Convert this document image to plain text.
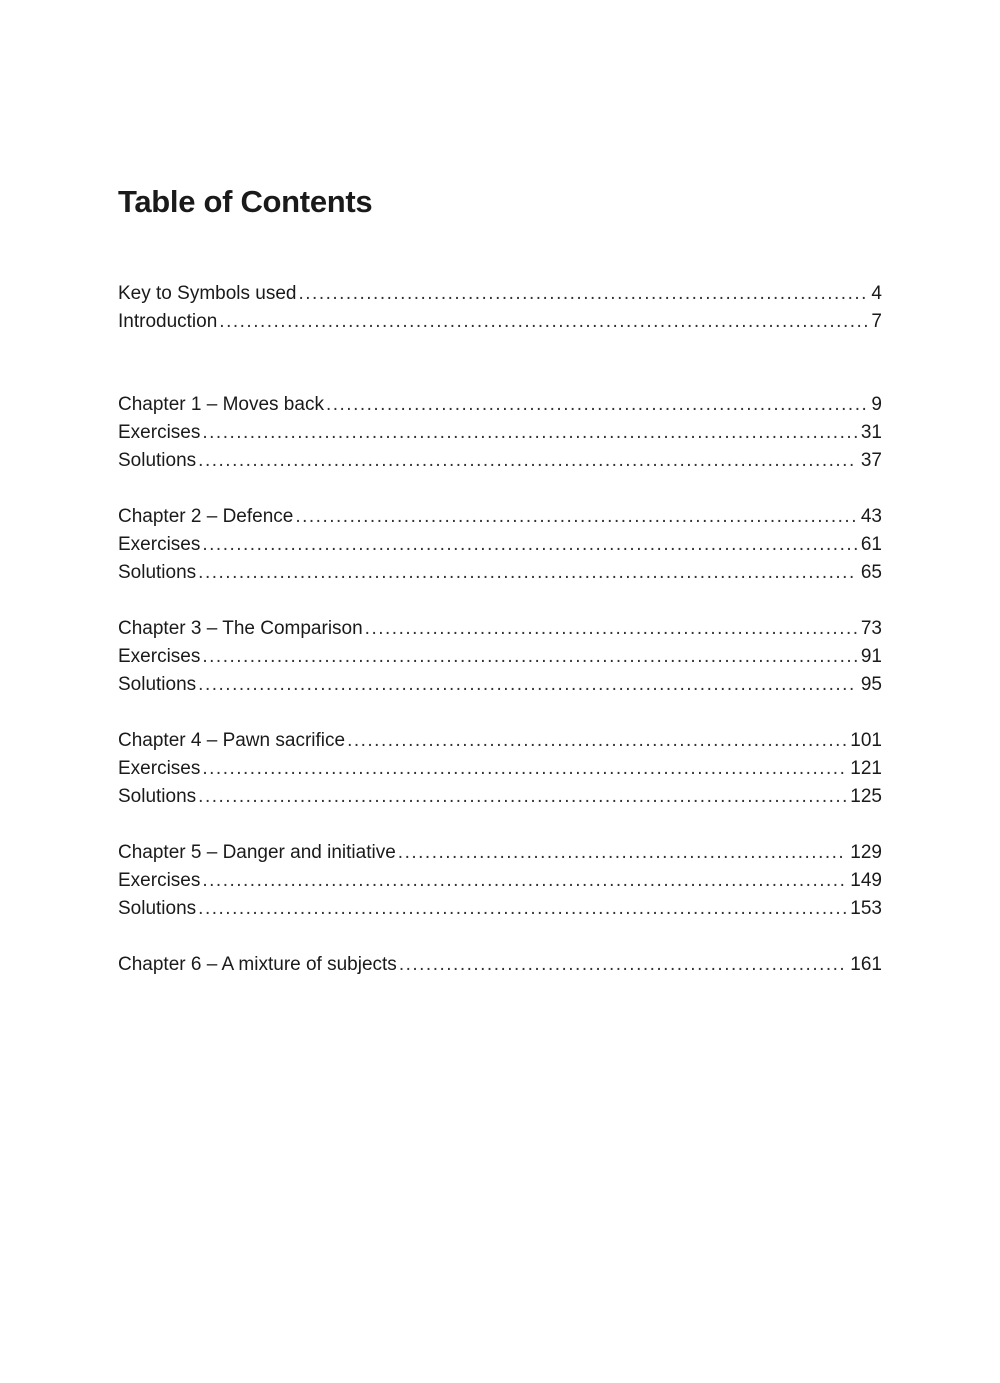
Table of Contents
Key to Symbols used .....	4
Introduction .....	7
Chapter 1 – Moves back .....	9
Exercises .....	31
Solutions .....	37
Chapter 2 – Defence .....	43
Exercises .....	61
Solutions .....	65
Chapter 3 – The Comparison .....	73
Exercises .....	91
Solutions .....	95
Chapter 4 – Pawn sacrifice .....	101
Exercises .....	121
Solutions .....	125
Chapter 5 – Danger and initiative .....	129
Exercises .....	149
Solutions .....	153
Chapter 6 – A mixture of subjects .....	161
